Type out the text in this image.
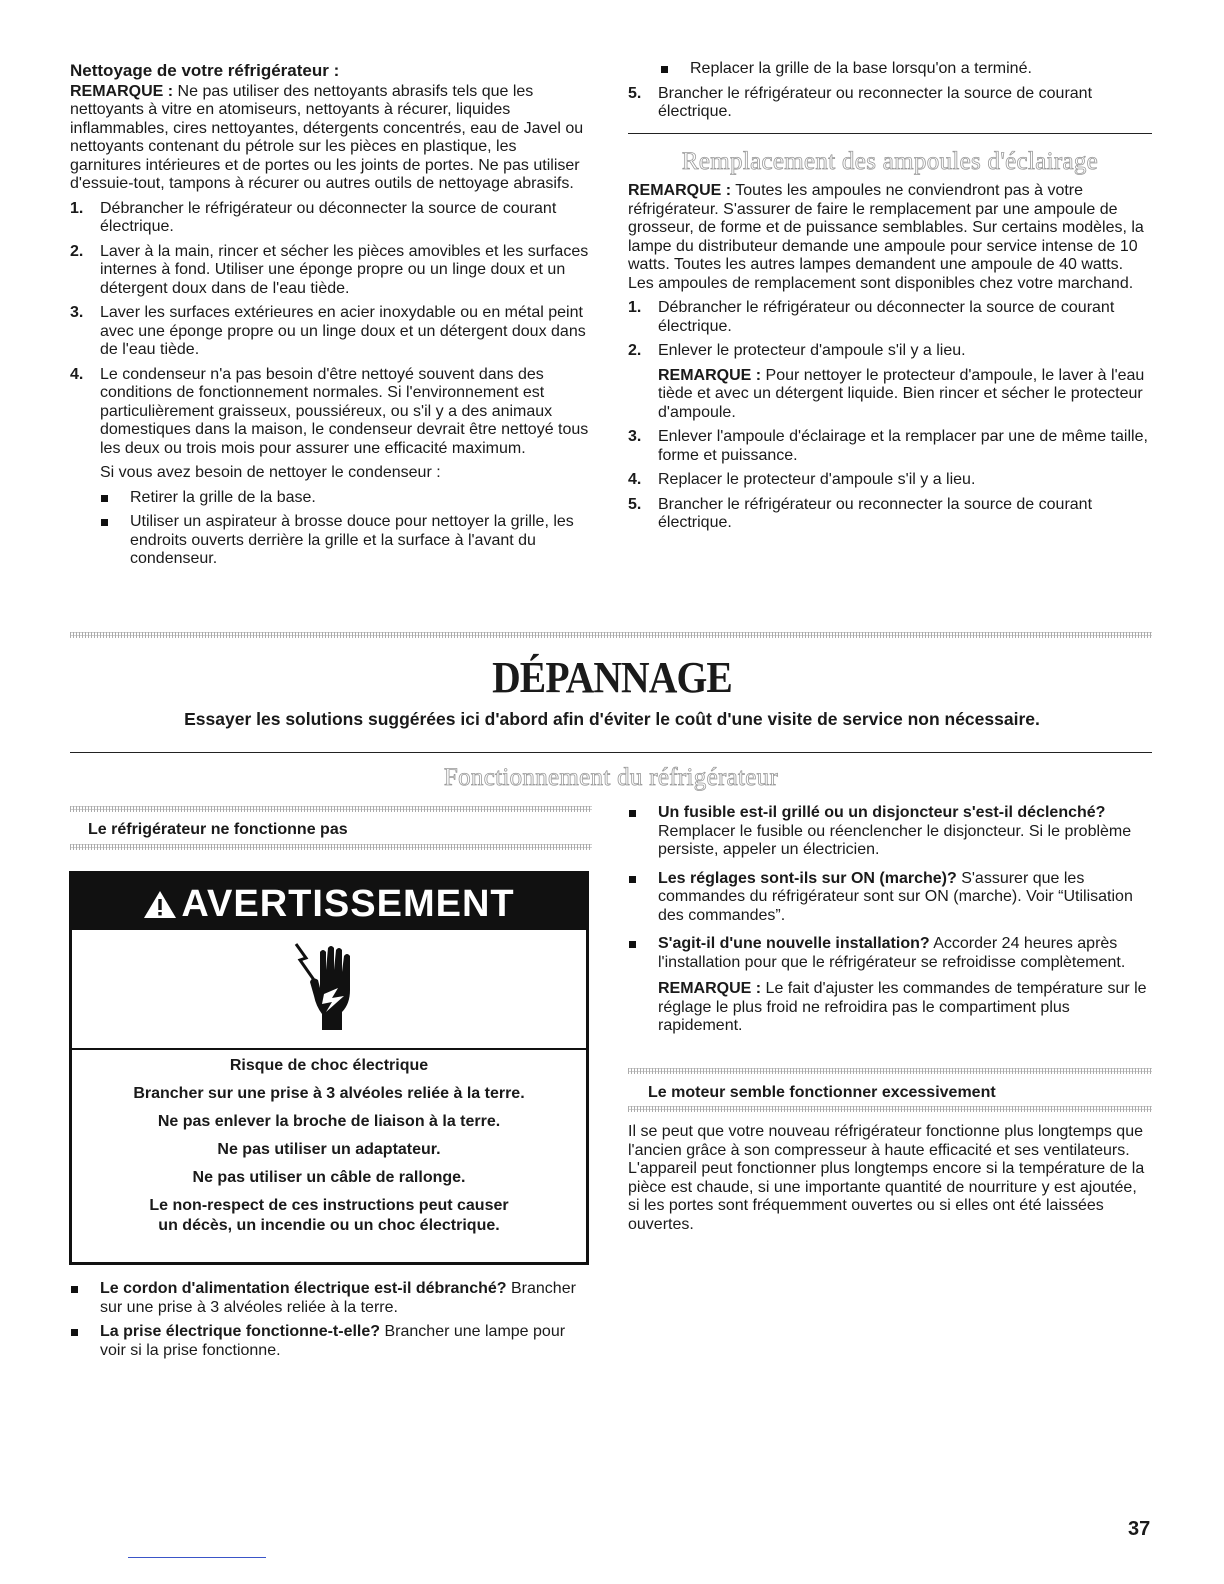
Nettoyage de votre réfrigérateur :
REMARQUE : Ne pas utiliser des nettoyants abrasifs tels que les nettoyants à vitre en atomiseurs, nettoyants à récurer, liquides inflammables, cires nettoyantes, détergents concentrés, eau de Javel ou nettoyants contenant du pétrole sur les pièces en plastique, les garnitures intérieures et de portes ou les joints de portes. Ne pas utiliser d'essuie-tout, tampons à récurer ou autres outils de nettoyage abrasifs.
1. Débrancher le réfrigérateur ou déconnecter la source de courant électrique.
2. Laver à la main, rincer et sécher les pièces amovibles et les surfaces internes à fond. Utiliser une éponge propre ou un linge doux et un détergent doux dans de l'eau tiède.
3. Laver les surfaces extérieures en acier inoxydable ou en métal peint avec une éponge propre ou un linge doux et un détergent doux dans de l'eau tiède.
4. Le condenseur n'a pas besoin d'être nettoyé souvent dans des conditions de fonctionnement normales. Si l'environnement est particulièrement graisseux, poussiéreux, ou s'il y a des animaux domestiques dans la maison, le condenseur devrait être nettoyé tous les deux ou trois mois pour assurer une efficacité maximum.
Si vous avez besoin de nettoyer le condenseur :
Retirer la grille de la base.
Utiliser un aspirateur à brosse douce pour nettoyer la grille, les endroits ouverts derrière la grille et la surface à l'avant du condenseur.
Replacer la grille de la base lorsqu'on a terminé.
5. Brancher le réfrigérateur ou reconnecter la source de courant électrique.
Remplacement des ampoules d'éclairage
REMARQUE : Toutes les ampoules ne conviendront pas à votre réfrigérateur. S'assurer de faire le remplacement par une ampoule de grosseur, de forme et de puissance semblables. Sur certains modèles, la lampe du distributeur demande une ampoule pour service intense de 10 watts. Toutes les autres lampes demandent une ampoule de 40 watts. Les ampoules de remplacement sont disponibles chez votre marchand.
1. Débrancher le réfrigérateur ou déconnecter la source de courant électrique.
2. Enlever le protecteur d'ampoule s'il y a lieu.
REMARQUE : Pour nettoyer le protecteur d'ampoule, le laver à l'eau tiède et avec un détergent liquide. Bien rincer et sécher le protecteur d'ampoule.
3. Enlever l'ampoule d'éclairage et la remplacer par une de même taille, forme et puissance.
4. Replacer le protecteur d'ampoule s'il y a lieu.
5. Brancher le réfrigérateur ou reconnecter la source de courant électrique.
DÉPANNAGE
Essayer les solutions suggérées ici d'abord afin d'éviter le coût d'une visite de service non nécessaire.
Fonctionnement du réfrigérateur
Le réfrigérateur ne fonctionne pas
AVERTISSEMENT
Risque de choc électrique
Brancher sur une prise à 3 alvéoles reliée à la terre.
Ne pas enlever la broche de liaison à la terre.
Ne pas utiliser un adaptateur.
Ne pas utiliser un câble de rallonge.
Le non-respect de ces instructions peut causer
un décès, un incendie ou un choc électrique.
Le cordon d'alimentation électrique est-il débranché? Brancher sur une prise à 3 alvéoles reliée à la terre.
La prise électrique fonctionne-t-elle? Brancher une lampe pour voir si la prise fonctionne.
Un fusible est-il grillé ou un disjoncteur s'est-il déclenché? Remplacer le fusible ou réenclencher le disjoncteur. Si le problème persiste, appeler un électricien.
Les réglages sont-ils sur ON (marche)? S'assurer que les commandes du réfrigérateur sont sur ON (marche). Voir “Utilisation des commandes”.
S'agit-il d'une nouvelle installation? Accorder 24 heures après l'installation pour que le réfrigérateur se refroidisse complètement.
REMARQUE : Le fait d'ajuster les commandes de température sur le réglage le plus froid ne refroidira pas le compartiment plus rapidement.
Le moteur semble fonctionner excessivement
Il se peut que votre nouveau réfrigérateur fonctionne plus longtemps que l'ancien grâce à son compresseur à haute efficacité et ses ventilateurs. L'appareil peut fonctionner plus longtemps encore si la température de la pièce est chaude, si une importante quantité de nourriture y est ajoutée, si les portes sont fréquemment ouvertes ou si elles ont été laissées ouvertes.
37
